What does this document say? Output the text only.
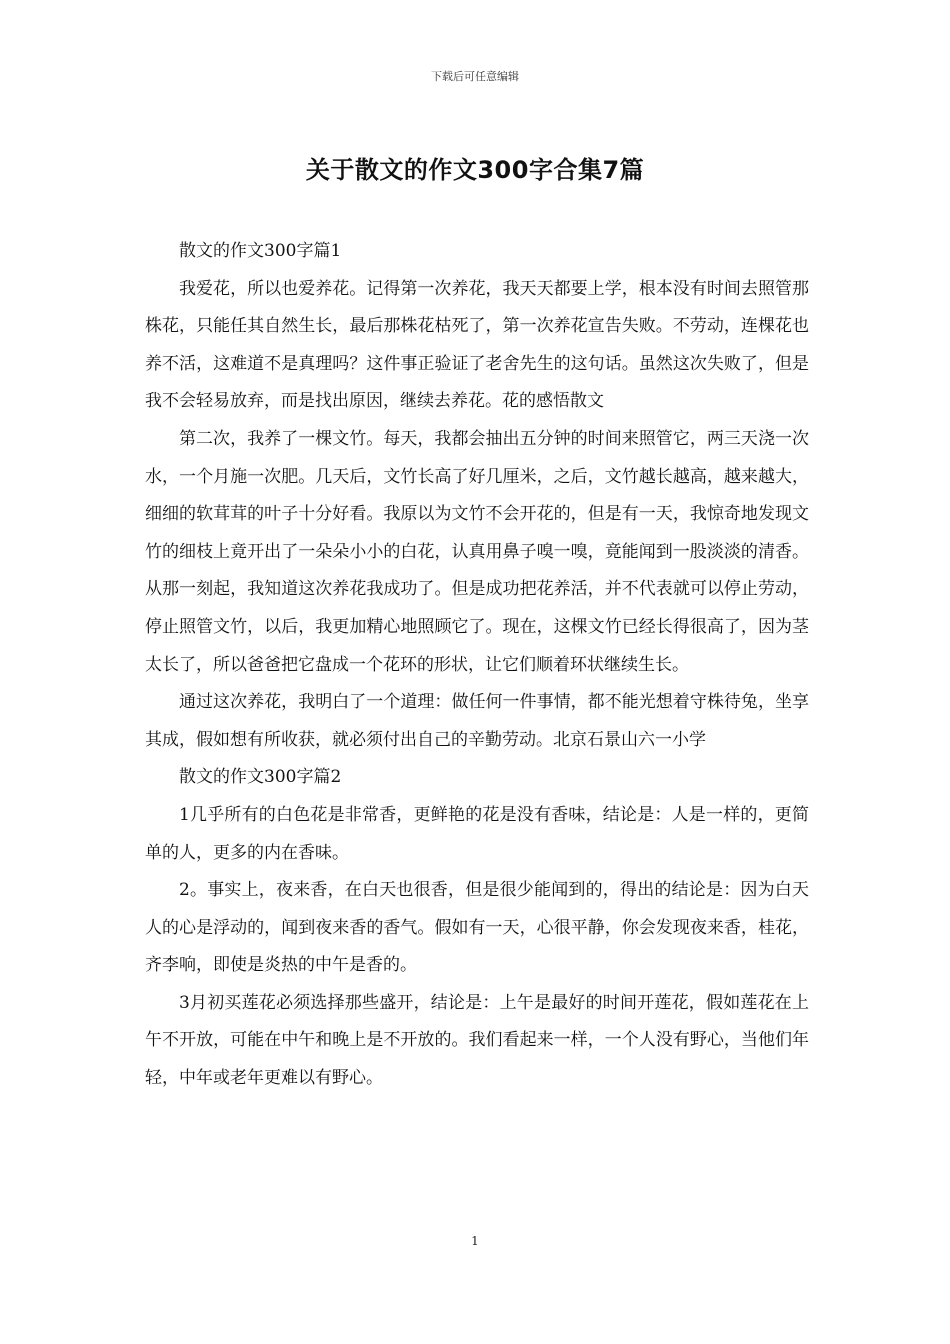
下载后可任意编辑
关于散文的作文300字合集7篇

散文的作文300字篇1

我爱花，所以也爱养花。记得第一次养花，我天天都要上学，根本没有时间去照管那株花，只能任其自然生长，最后那株花枯死了，第一次养花宣告失败。不劳动，连棵花也养不活，这难道不是真理吗？这件事正验证了老舍先生的这句话。虽然这次失败了，但是我不会轻易放弃，而是找出原因，继续去养花。花的感悟散文

第二次，我养了一棵文竹。每天，我都会抽出五分钟的时间来照管它，两三天浇一次水，一个月施一次肥。几天后，文竹长高了好几厘米，之后，文竹越长越高，越来越大，细细的软茸茸的叶子十分好看。我原以为文竹不会开花的，但是有一天，我惊奇地发现文竹的细枝上竟开出了一朵朵小小的白花，认真用鼻子嗅一嗅，竟能闻到一股淡淡的清香。从那一刻起，我知道这次养花我成功了。但是成功把花养活，并不代表就可以停止劳动，停止照管文竹，以后，我更加精心地照顾它了。现在，这棵文竹已经长得很高了，因为茎太长了，所以爸爸把它盘成一个花环的形状，让它们顺着环状继续生长。

通过这次养花，我明白了一个道理：做任何一件事情，都不能光想着守株待兔，坐享其成，假如想有所收获，就必须付出自己的辛勤劳动。北京石景山六一小学

散文的作文300字篇2

1几乎所有的白色花是非常香，更鲜艳的花是没有香味，结论是：人是一样的，更简单的人，更多的内在香味。

2。事实上，夜来香，在白天也很香，但是很少能闻到的，得出的结论是：因为白天人的心是浮动的，闻到夜来香的香气。假如有一天，心很平静，你会发现夜来香，桂花，齐李响，即使是炎热的中午是香的。

3月初买莲花必须选择那些盛开，结论是：上午是最好的时间开莲花，假如莲花在上午不开放，可能在中午和晚上是不开放的。我们看起来一样，一个人没有野心，当他们年轻，中年或老年更难以有野心。

1
